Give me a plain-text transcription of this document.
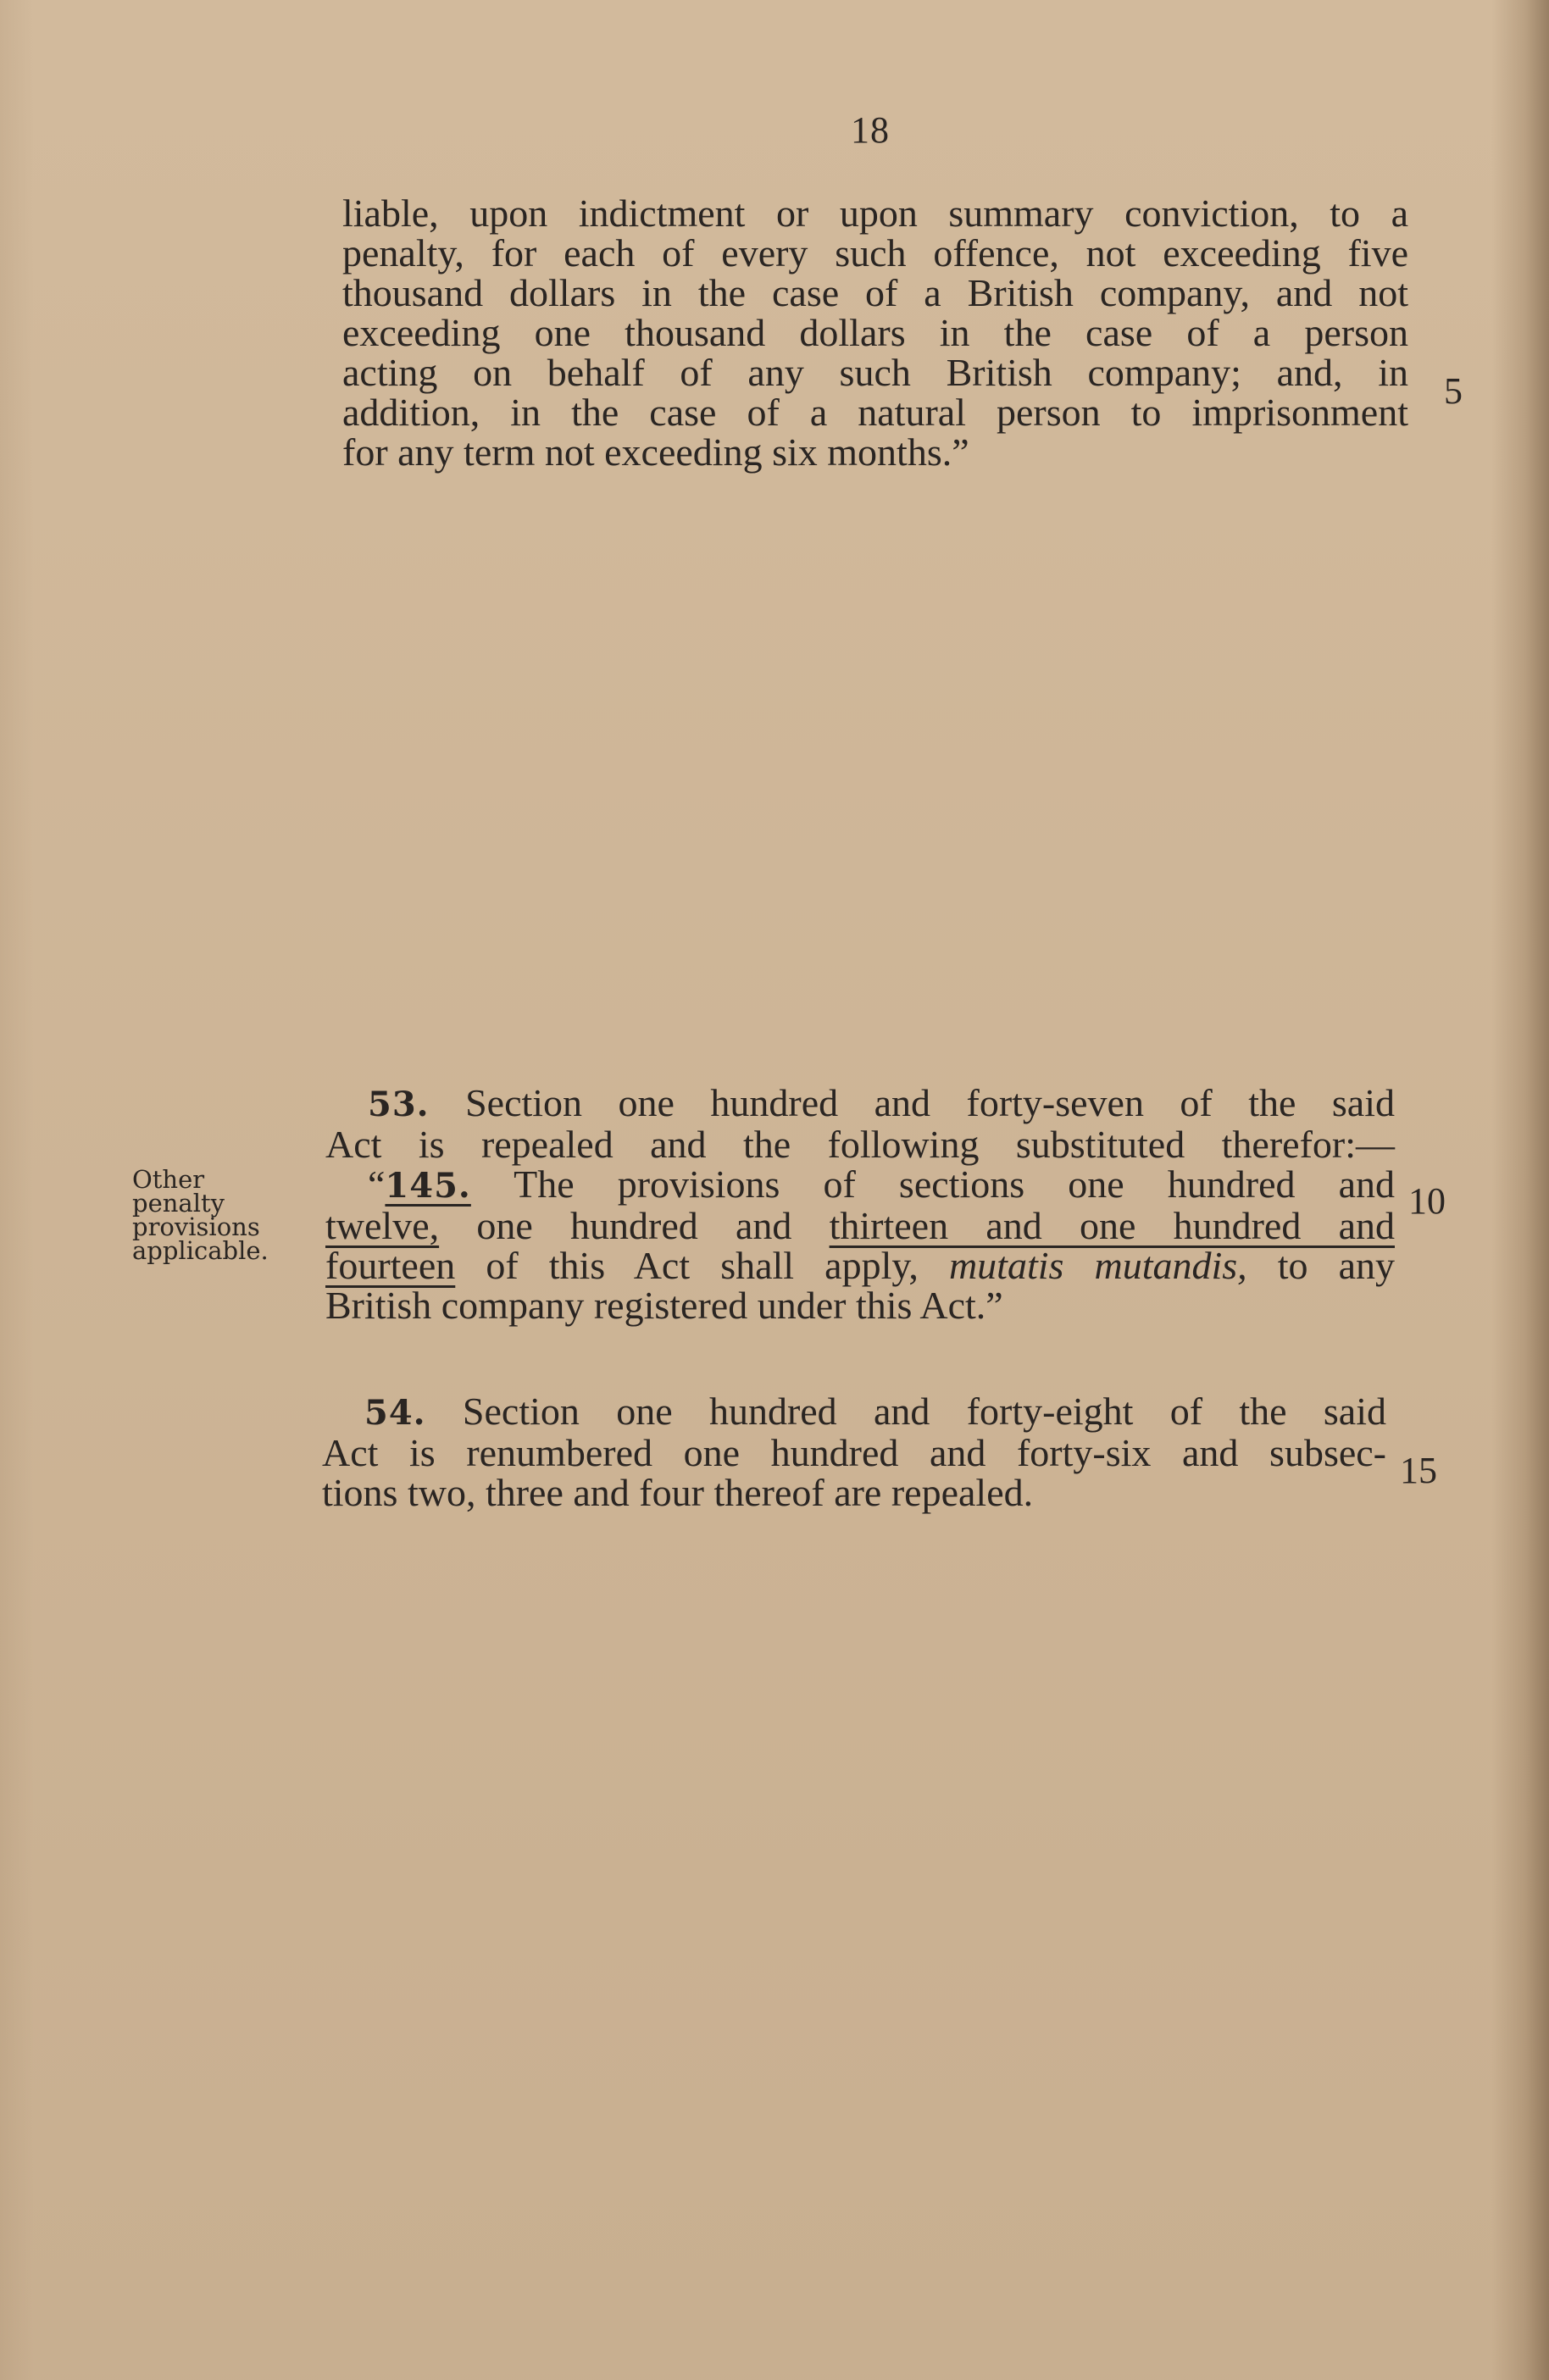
18

liable, upon indictment or upon summary conviction, to a
penalty, for each of every such offence, not exceeding five
thousand dollars in the case of a British company, and not
exceeding one thousand dollars in the case of a person
acting on behalf of any such British company; and, in
addition, in the case of a natural person to imprisonment
for any term not exceeding six months.”

5
10
15
Other
penalty
provisions
applicable.

53. Section one hundred and forty-seven of the said
Act is repealed and the following substituted therefor:—
“145. The provisions of sections one hundred and
twelve, one hundred and thirteen and one hundred and
fourteen of this Act shall apply, mutatis mutandis, to any
British company registered under this Act.”

54. Section one hundred and forty-eight of the said
Act is renumbered one hundred and forty-six and subsec-
tions two, three and four thereof are repealed.
